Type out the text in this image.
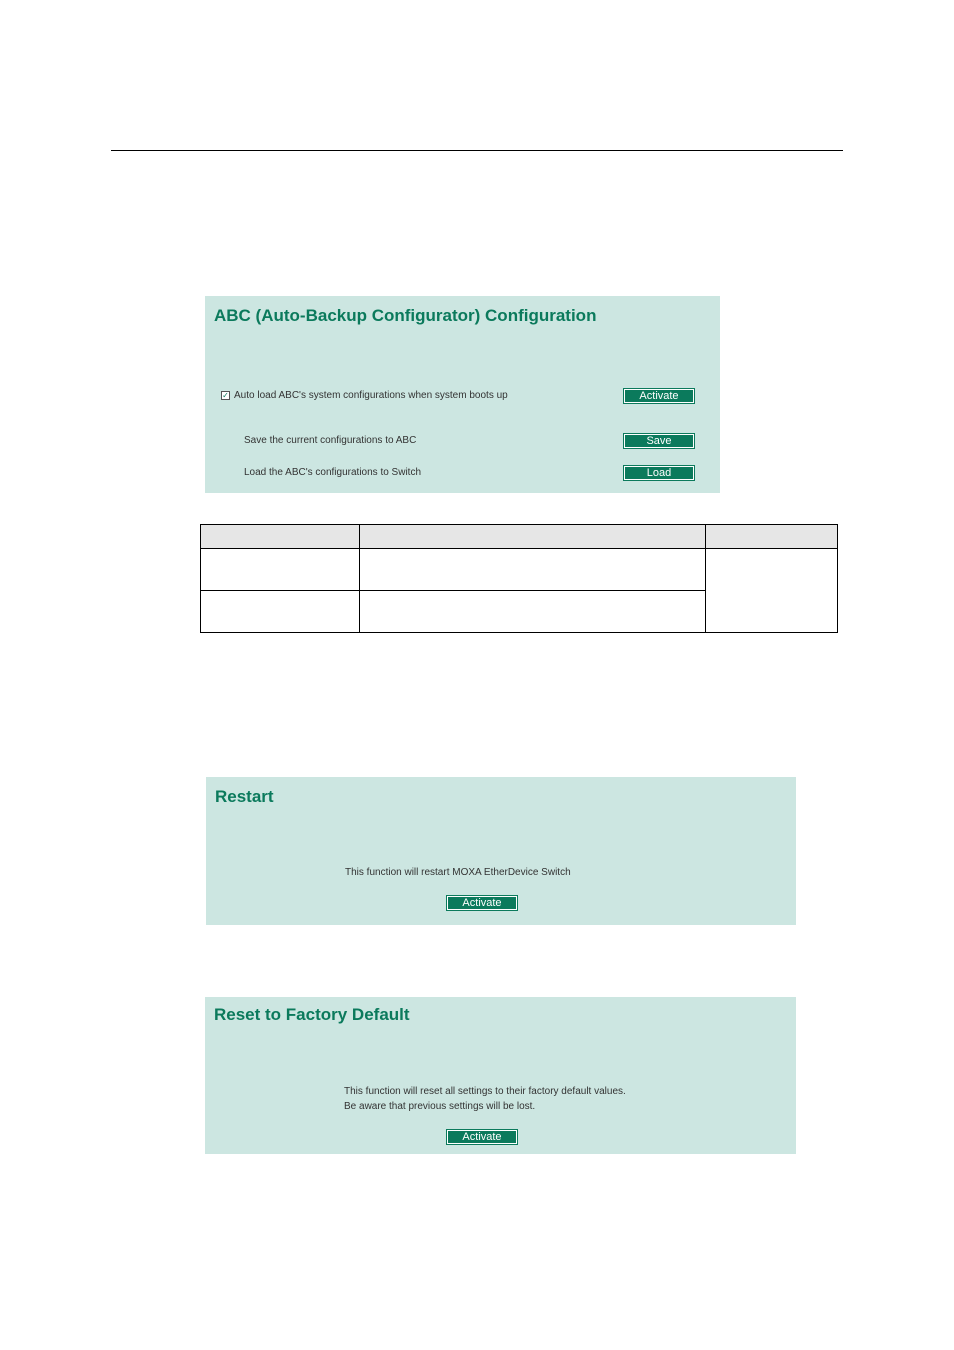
ABC (Auto-Backup Configurator) Configuration
✓ Auto load ABC's system configurations when system boots up	Activate
Save the current configurations to ABC	Save
Load the ABC's configurations to Switch	Load

Restart
This function will restart MOXA EtherDevice Switch
Activate
Reset to Factory Default
This function will reset all settings to their factory default values.
Be aware that previous settings will be lost.
Activate
